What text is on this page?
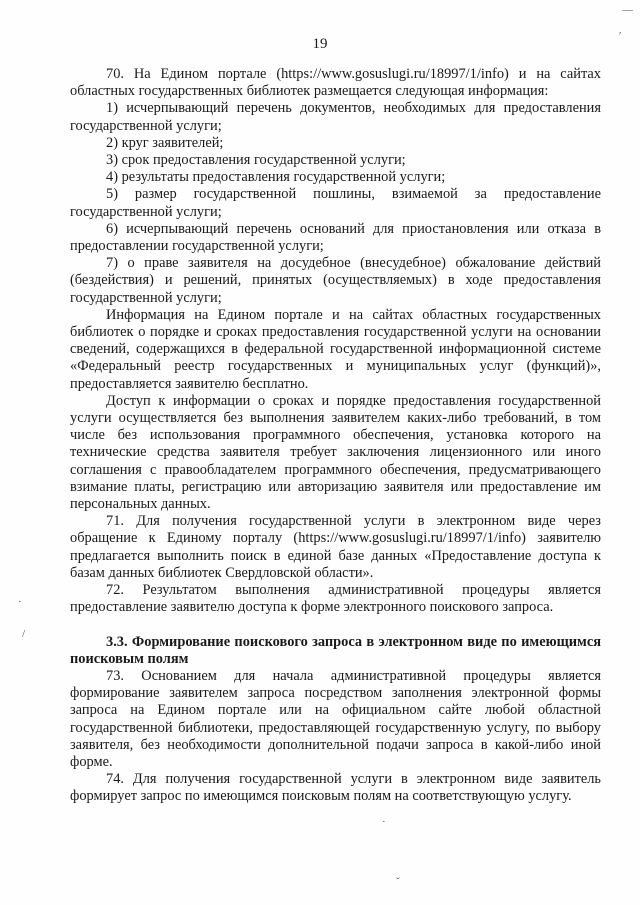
19
—
ʹ
·
/
·
ˇ

70. На Едином портале (https://www.gosuslugi.ru/18997/1/info) и на сайтах областных государственных библиотек размещается следующая информация:

1) исчерпывающий перечень документов, необходимых для предоставления государственной услуги;

2) круг заявителей;

3) срок предоставления государственной услуги;

4) результаты предоставления государственной услуги;

5) размер государственной пошлины, взимаемой за предоставление государственной услуги;

6) исчерпывающий перечень оснований для приостановления или отказа в предоставлении государственной услуги;

7) о праве заявителя на досудебное (внесудебное) обжалование действий (бездействия) и решений, принятых (осуществляемых) в ходе предоставления государственной услуги;

Информация на Едином портале и на сайтах областных государственных библиотек о порядке и сроках предоставления государственной услуги на основании сведений, содержащихся в федеральной государственной информационной системе «Федеральный реестр государственных и муниципальных услуг (функций)», предоставляется заявителю бесплатно.

Доступ к информации о сроках и порядке предоставления государственной услуги осуществляется без выполнения заявителем каких-либо требований, в том числе без использования программного обеспечения, установка которого на технические средства заявителя требует заключения лицензионного или иного соглашения с правообладателем программного обеспечения, предусматривающего взимание платы, регистрацию или авторизацию заявителя или предоставление им персональных данных.

71. Для получения государственной услуги в электронном виде через обращение к Единому порталу (https://www.gosuslugi.ru/18997/1/info) заявителю предлагается выполнить поиск в единой базе данных «Предоставление доступа к базам данных библиотек Свердловской области».

72. Результатом выполнения административной процедуры является предоставление заявителю доступа к форме электронного поискового запроса.

3.3. Формирование поискового запроса в электронном виде по имеющимся поисковым полям

73. Основанием для начала административной процедуры является формирование заявителем запроса посредством заполнения электронной формы запроса на Едином портале или на официальном сайте любой областной государственной библиотеки, предоставляющей государственную услугу, по выбору заявителя, без необходимости дополнительной подачи запроса в какой-либо иной форме.

74. Для получения государственной услуги в электронном виде заявитель формирует запрос по имеющимся поисковым полям на соответствующую услугу.
